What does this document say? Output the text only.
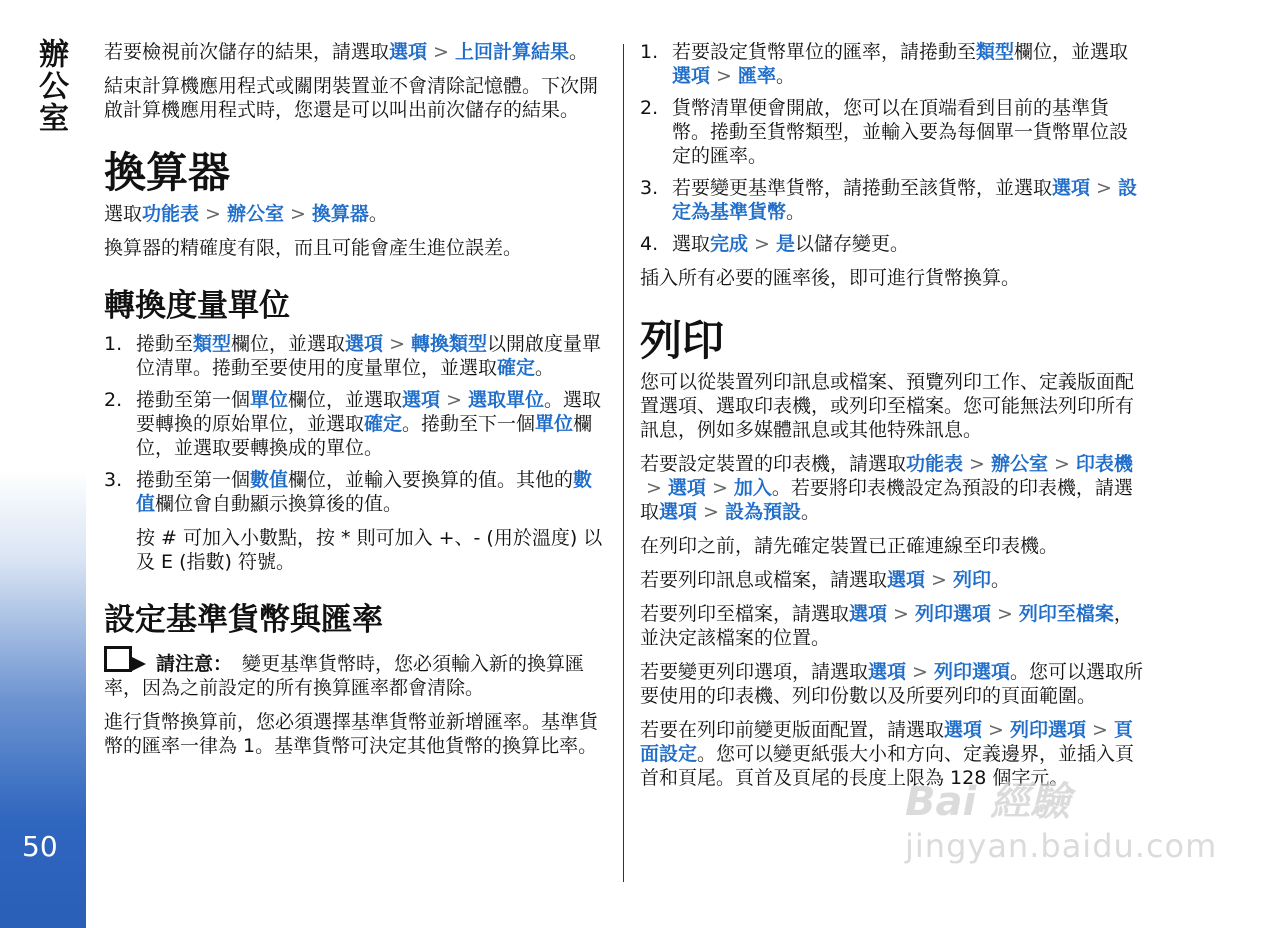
辦公室
50

若要檢視前次儲存的結果，請選取選項 > 上回計算結果。

結束計算機應用程式或關閉裝置並不會清除記憶體。下次開啟計算機應用程式時，您還是可以叫出前次儲存的結果。

換算器

選取功能表 > 辦公室 > 換算器。

換算器的精確度有限，而且可能會產生進位誤差。

轉換度量單位
1. 捲動至類型欄位，並選取選項 > 轉換類型以開啟度量單位清單。捲動至要使用的度量單位，並選取確定。
2. 捲動至第一個單位欄位，並選取選項 > 選取單位。選取要轉換的原始單位，並選取確定。捲動至下一個單位欄位，並選取要轉換成的單位。
3. 捲動至第一個數值欄位，並輸入要換算的值。其他的數值欄位會自動顯示換算後的值。

按 # 可加入小數點，按 * 則可加入 +、- (用於溫度) 以及 E (指數) 符號。

設定基準貨幣與匯率

請注意： 變更基準貨幣時，您必須輸入新的換算匯率，因為之前設定的所有換算匯率都會清除。

進行貨幣換算前，您必須選擇基準貨幣並新增匯率。基準貨幣的匯率一律為 1。基準貨幣可決定其他貨幣的換算比率。

1. 若要設定貨幣單位的匯率，請捲動至類型欄位，並選取選項 > 匯率。
2. 貨幣清單便會開啟，您可以在頂端看到目前的基準貨幣。捲動至貨幣類型，並輸入要為每個單一貨幣單位設定的匯率。
3. 若要變更基準貨幣，請捲動至該貨幣，並選取選項 > 設定為基準貨幣。
4. 選取完成 > 是以儲存變更。

插入所有必要的匯率後，即可進行貨幣換算。

列印

您可以從裝置列印訊息或檔案、預覽列印工作、定義版面配置選項、選取印表機，或列印至檔案。您可能無法列印所有訊息，例如多媒體訊息或其他特殊訊息。

若要設定裝置的印表機，請選取功能表 > 辦公室 > 印表機> 選項 > 加入。若要將印表機設定為預設的印表機，請選取選項 > 設為預設。

在列印之前，請先確定裝置已正確連線至印表機。

若要列印訊息或檔案，請選取選項 > 列印。

若要列印至檔案，請選取選項 > 列印選項 > 列印至檔案，並決定該檔案的位置。

若要變更列印選項，請選取選項 > 列印選項。您可以選取所要使用的印表機、列印份數以及所要列印的頁面範圍。

若要在列印前變更版面配置，請選取選項 > 列印選項 > 頁面設定。您可以變更紙張大小和方向、定義邊界，並插入頁首和頁尾。頁首及頁尾的長度上限為 128 個字元。

Bai 經驗
jingyan.baidu.com
